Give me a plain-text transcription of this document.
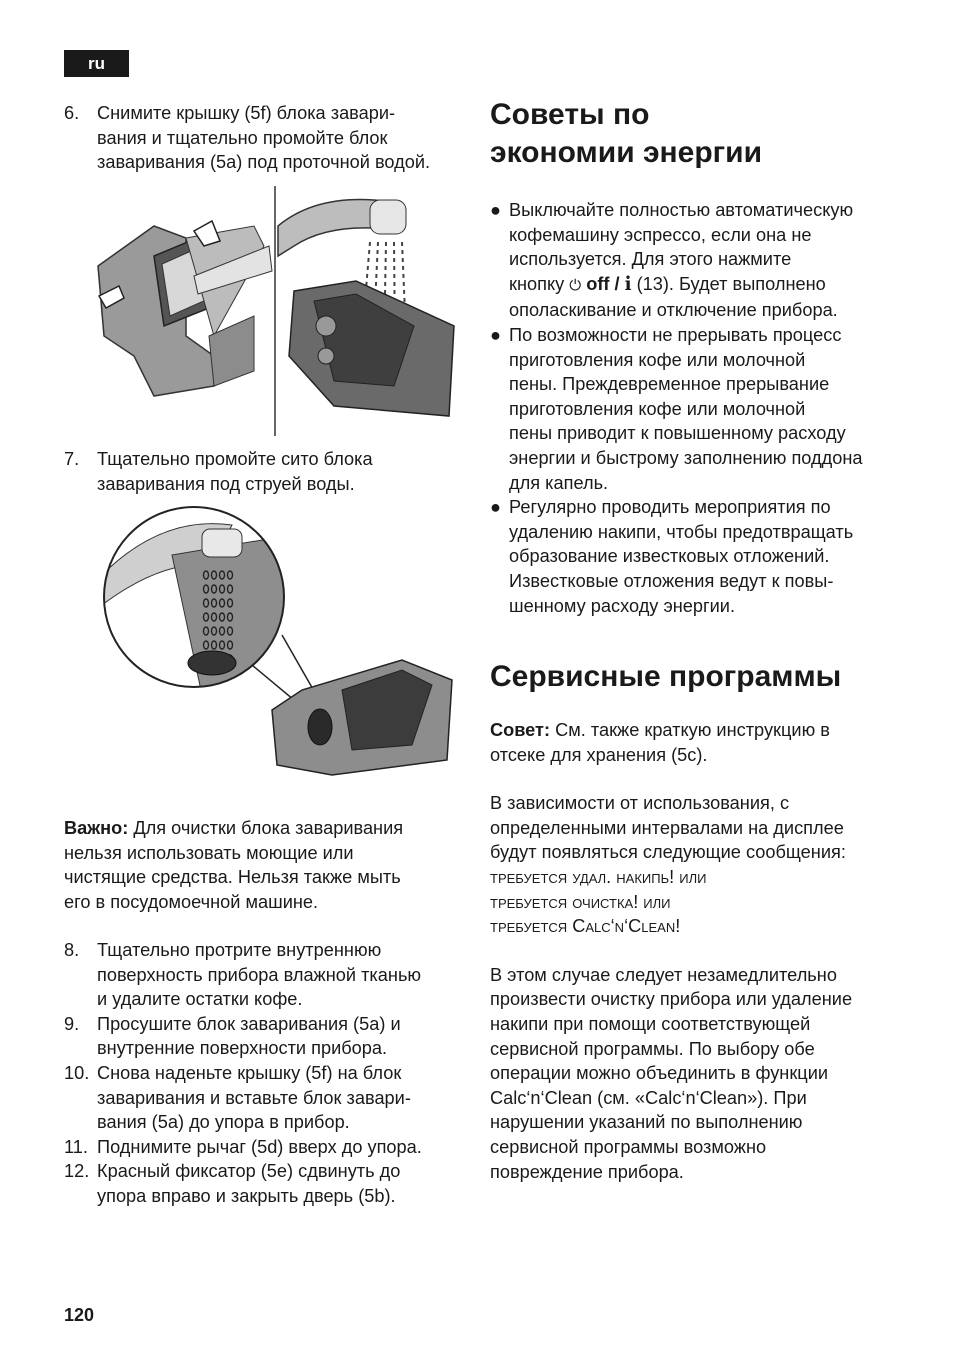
ru
6. Снимите крышку (5f) блока завари-
вания и тщательно промойте блок
заваривания (5a) под проточной водой.
7. Тщательно промойте сито блока
заваривания под струей воды.
Важно: Для очистки блока заваривания
нельзя использовать моющие или
чистящие средства. Нельзя также мыть
его в посудомоечной машине.
8. Тщательно протрите внутреннюю
поверхность прибора влажной тканью
и удалите остатки кофе.
9. Просушите блок заваривания (5a) и
внутренние поверхности прибора.
10. Снова наденьте крышку (5f) на блок
заваривания и вставьте блок завари-
вания (5a) до упора в прибор.
11. Поднимите рычаг (5d) вверх до упора.
12. Красный фиксатор (5e) сдвинуть до
упора вправо и закрыть дверь (5b).
Советы по
экономии энергии
● Выключайте полностью автоматическую
кофемашину эспрессо, если она не
используется. Для этого нажмите
кнопку ⏻ off / i (13). Будет выполнено
ополаскивание и отключение прибора.
● По возможности не прерывать процесс
приготовления кофе или молочной
пены. Преждевременное прерывание
приготовления кофе или молочной
пены приводит к повышенному расходу
энергии и быстрому заполнению поддона
для капель.
● Регулярно проводить мероприятия по
удалению накипи, чтобы предотвращать
образование известковых отложений.
Известковые отложения ведут к повы-
шенному расходу энергии.
Сервисные программы
Совет: См. также краткую инструкцию в
отсеке для хранения (5c).
В зависимости от использования, с
определенными интервалами на дисплее
будут появляться следующие сообщения:
требуется удал. накипь! или
требуется очистка! или
требуется Calc‘n‘Clean!
В этом случае следует незамедлительно
произвести очистку прибора или удаление
накипи при помощи соответствующей
сервисной программы. По выбору обе
операции можно объединить в функции
Calc‘n‘Clean (см. «Calc‘n‘Clean»). При
нарушении указаний по выполнению
сервисной программы возможно
повреждение прибора.
120
